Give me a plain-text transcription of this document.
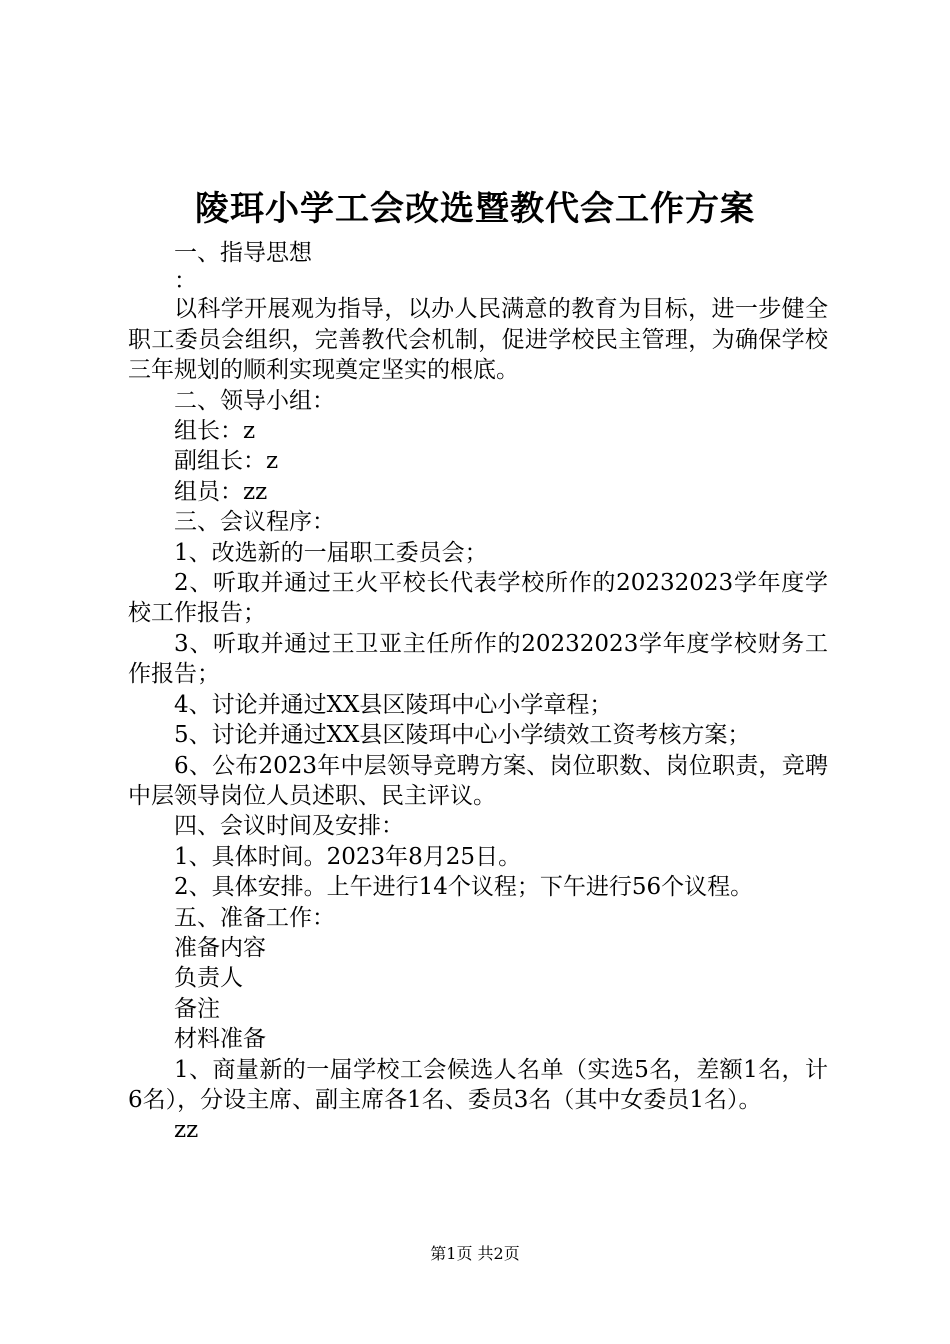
陵珥小学工会改选暨教代会工作方案

一、指导思想

：

以科学开展观为指导，以办人民满意的教育为目标，进一步健全职工委员会组织，完善教代会机制，促进学校民主管理，为确保学校三年规划的顺利实现奠定坚实的根底。

二、领导小组：

组长：z

副组长：z

组员：zz

三、会议程序：

1、改选新的一届职工委员会；

2、听取并通过王火平校长代表学校所作的20232023学年度学校工作报告；

3、听取并通过王卫亚主任所作的20232023学年度学校财务工作报告；

4、讨论并通过XX县区陵珥中心小学章程；

5、讨论并通过XX县区陵珥中心小学绩效工资考核方案；

6、公布2023年中层领导竞聘方案、岗位职数、岗位职责，竞聘中层领导岗位人员述职、民主评议。

四、会议时间及安排：

1、具体时间。2023年8月25日。

2、具体安排。上午进行14个议程；下午进行56个议程。

五、准备工作：

准备内容

负责人

备注

材料准备

1、商量新的一届学校工会候选人名单（实选5名，差额1名，计6名），分设主席、副主席各1名、委员3名（其中女委员1名）。

zz

第1页 共2页
